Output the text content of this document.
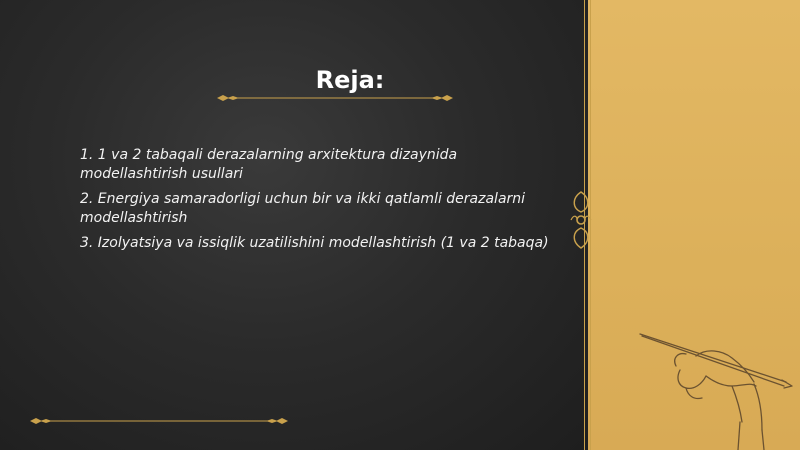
Reja:
1. 1 va 2 tabaqali derazalarning arxitektura dizaynida modellashtirish usullari
2. Energiya samaradorligi uchun bir va ikki qatlamli derazalarni modellashtirish
3. Izolyatsiya va issiqlik uzatilishini modellashtirish (1 va 2 tabaqa)
